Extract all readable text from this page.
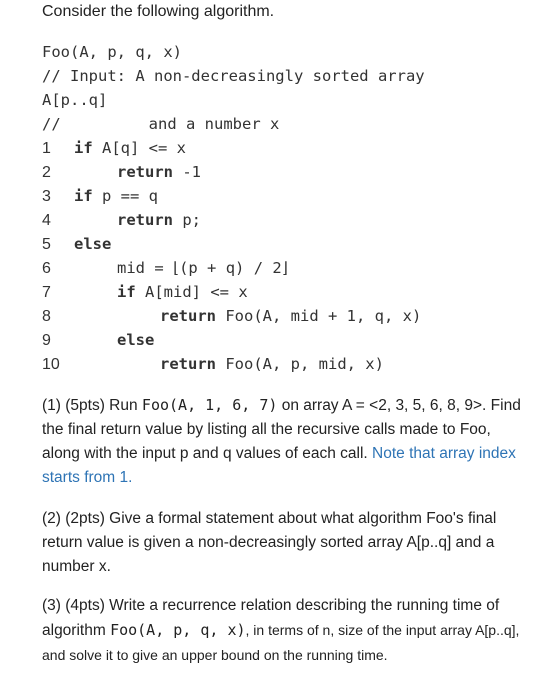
Consider the following algorithm.
Foo(A, p, q, x)
// Input: A non-decreasingly sorted array
A[p..q]
//	and a number x
1 if A[q] <= x
2	return -1
3 if p == q
4	return p;
5 else
6	mid = ⌊(p + q) / 2⌋
7	if A[mid] <= x
8	return Foo(A, mid + 1, q, x)
9	else
10	return Foo(A, p, mid, x)
(1) (5pts) Run Foo(A, 1, 6, 7) on array A = <2, 3, 5, 6, 8, 9>. Find the final return value by listing all the recursive calls made to Foo, along with the input p and q values of each call. Note that array index starts from 1.
(2) (2pts) Give a formal statement about what algorithm Foo's final return value is given a non-decreasingly sorted array A[p..q] and a number x.
(3) (4pts) Write a recurrence relation describing the running time of algorithm Foo(A, p, q, x), in terms of n, size of the input array A[p..q], and solve it to give an upper bound on the running time.
